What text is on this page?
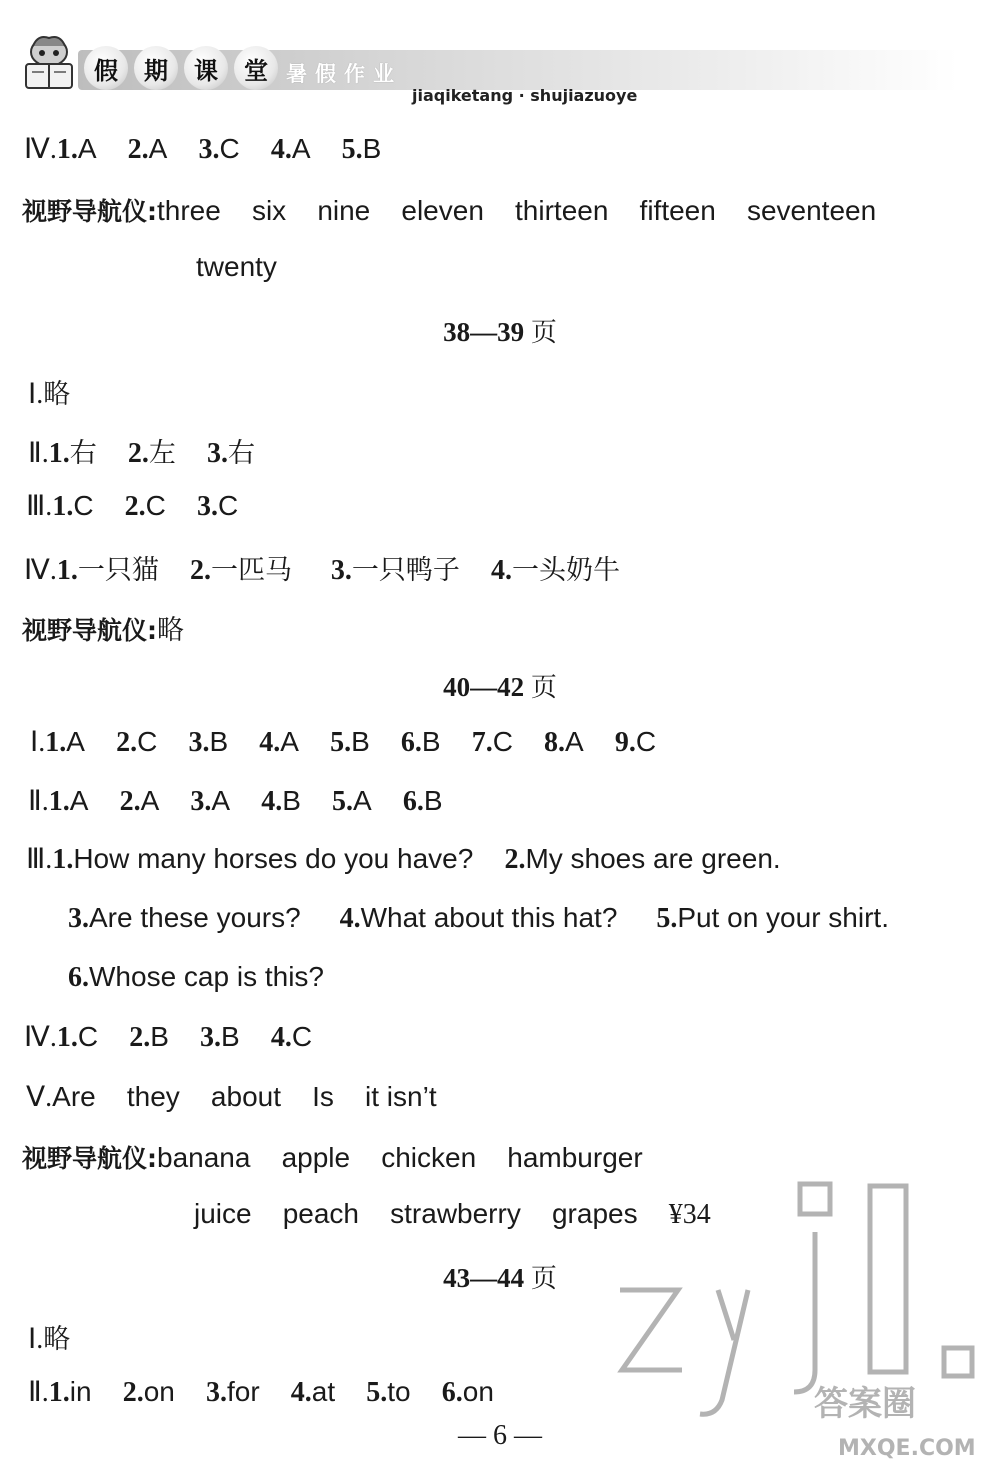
假	期	课	堂 暑假作业
jiaqiketang · shujiazuoye
Ⅳ.1.A 2.A 3.C 4.A 5.B
视野导航仪:three six nine eleven thirteen fifteen seventeen
twenty
38—39 页
Ⅰ.略
Ⅱ.1.右 2.左 3.右
Ⅲ.1.C 2.C 3.C
Ⅳ.1.一只猫 2.一匹马 3.一只鸭子 4.一头奶牛
视野导航仪:略
40—42 页
Ⅰ.1.A 2.C 3.B 4.A 5.B 6.B 7.C 8.A 9.C
Ⅱ.1.A 2.A 3.A 4.B 5.A 6.B
Ⅲ.1.How many horses do you have? 2.My shoes are green.
3.Are these yours? 4.What about this hat? 5.Put on your shirt.
6.Whose cap is this?
Ⅳ.1.C 2.B 3.B 4.C
Ⅴ.Are they about Is it isn’t
视野导航仪:banana apple chicken hamburger
juice peach strawberry grapes ¥34
43—44 页
Ⅰ.略
Ⅱ.1.in 2.on 3.for 4.at 5.to 6.on
— 6 —
答案圈
MXQE.COM
